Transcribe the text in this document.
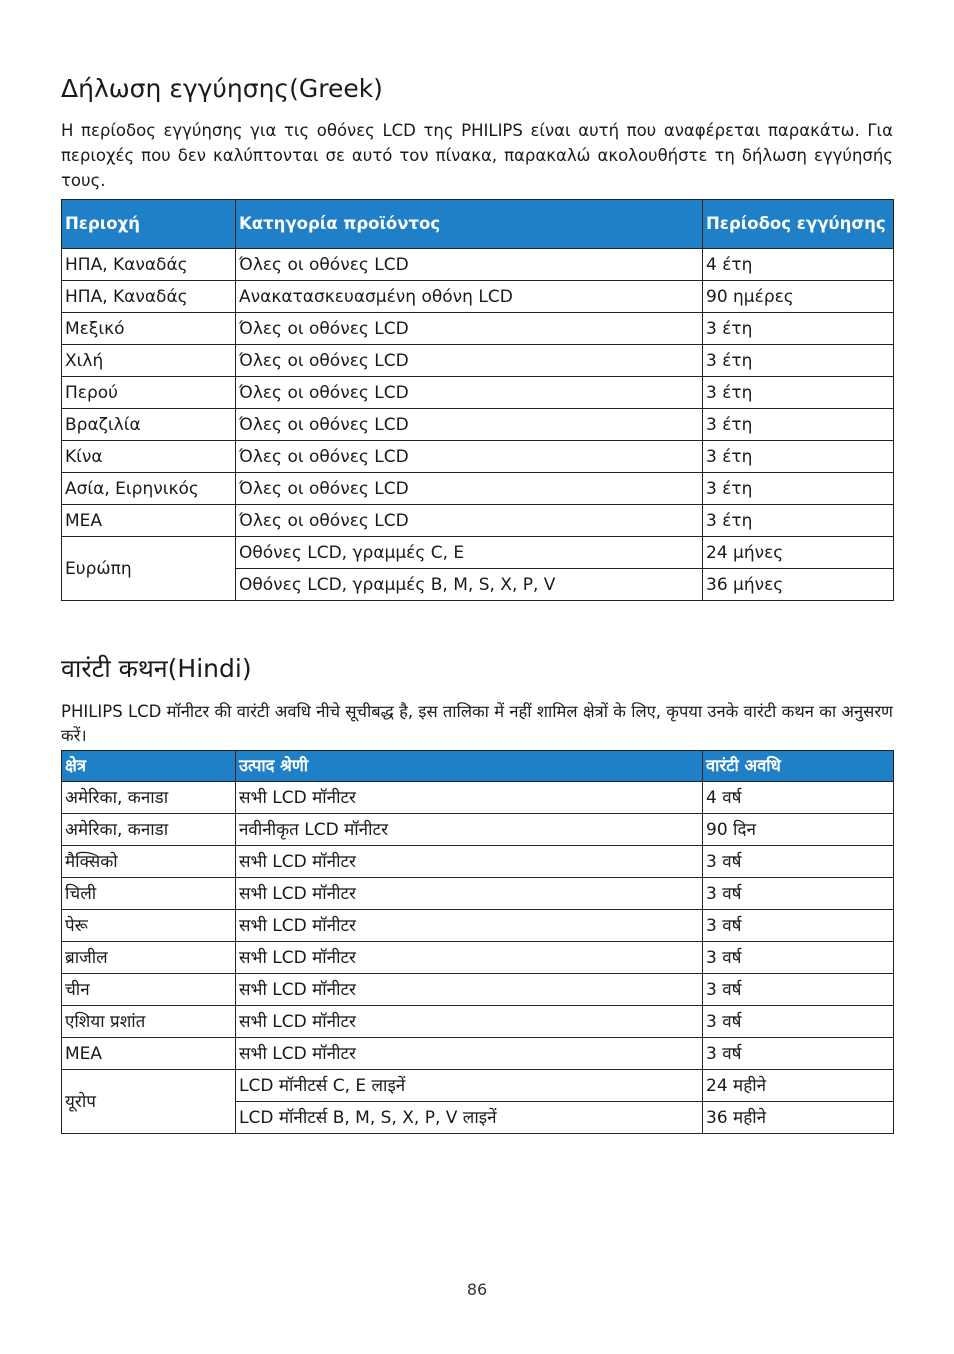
Δήλωση εγγύησης(Greek)

Η περίοδος εγγύησης για τις οθόνες LCD της PHILIPS είναι αυτή που αναφέρεται παρακάτω. Για περιοχές που δεν καλύπτονται σε αυτό τον πίνακα, παρακαλώ ακολουθήστε τη δήλωση εγγύησής τους.

Περιοχή	Κατηγορία προϊόντος	Περίοδος εγγύησης
ΗΠΑ, Καναδάς	Όλες οι οθόνες LCD	4 έτη
ΗΠΑ, Καναδάς	Ανακατασκευασμένη οθόνη LCD	90 ημέρες
Μεξικό	Όλες οι οθόνες LCD	3 έτη
Χιλή	Όλες οι οθόνες LCD	3 έτη
Περού	Όλες οι οθόνες LCD	3 έτη
Βραζιλία	Όλες οι οθόνες LCD	3 έτη
Κίνα	Όλες οι οθόνες LCD	3 έτη
Ασία, Ειρηνικός	Όλες οι οθόνες LCD	3 έτη
ΜΕΑ	Όλες οι οθόνες LCD	3 έτη
Ευρώπη	Οθόνες LCD, γραμμές C, E	24 μήνες
	Οθόνες LCD, γραμμές B, M, S, X, P, V	36 μήνες
वारंटी कथन(Hindi)

PHILIPS LCD मॉनीटर की वारंटी अवधि नीचे सूचीबद्ध है, इस तालिका में नहीं शामिल क्षेत्रों के लिए, कृपया उनके वारंटी कथन का अनुसरण करें।

क्षेत्र	उत्पाद श्रेणी	वारंटी अवधि
अमेरिका, कनाडा	सभी LCD मॉनीटर	4 वर्ष
अमेरिका, कनाडा	नवीनीकृत LCD मॉनीटर	90 दिन
मैक्सिको	सभी LCD मॉनीटर	3 वर्ष
चिली	सभी LCD मॉनीटर	3 वर्ष
पेरू	सभी LCD मॉनीटर	3 वर्ष
ब्राजील	सभी LCD मॉनीटर	3 वर्ष
चीन	सभी LCD मॉनीटर	3 वर्ष
एशिया प्रशांत	सभी LCD मॉनीटर	3 वर्ष
MEA	सभी LCD मॉनीटर	3 वर्ष
यूरोप	LCD मॉनीटर्स C, E लाइनें	24 महीने
	LCD मॉनीटर्स B, M, S, X, P, V लाइनें	36 महीने
86
